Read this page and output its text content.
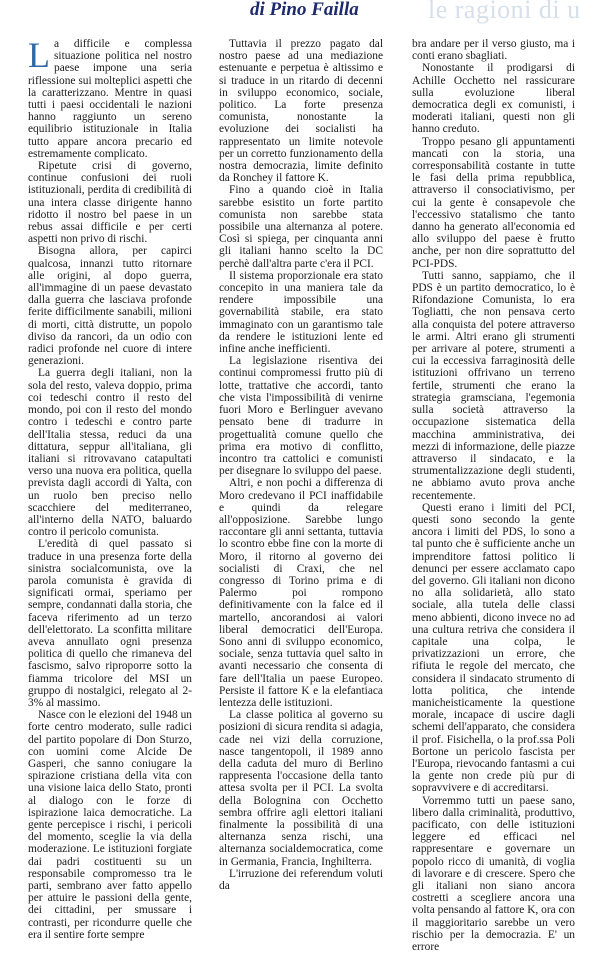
le ragioni di u
di Pino Failla

La difficile e complessa situazione politica nel nostro paese impone una seria riflessione sui molteplici aspetti che la caratterizzano. Mentre in quasi tutti i paesi occidentali le nazioni hanno raggiunto un sereno equilibrio istituzionale in Italia tutto appare ancora precario ed estremamente complicato.

Ripetute crisi di governo, continue confusioni dei ruoli istituzionali, perdita di credibilità di una intera classe dirigente hanno ridotto il nostro bel paese in un rebus assai difficile e per certi aspetti non privo di rischi.

Bisogna allora, per capirci qualcosa, innanzi tutto ritornare alle origini, al dopo guerra, all'immagine di un paese devastato dalla guerra che lasciava profonde ferite difficilmente sanabili, milioni di morti, città distrutte, un popolo diviso da rancori, da un odio con radici profonde nel cuore di intere generazioni.

La guerra degli italiani, non la sola del resto, valeva doppio, prima coi tedeschi contro il resto del mondo, poi con il resto del mondo contro i tedeschi e contro parte dell'Italia stessa, reduci da una dittatura, seppur all'italiana, gli italiani si ritrovavano catapultati verso una nuova era politica, quella prevista dagli accordi di Yalta, con un ruolo ben preciso nello scacchiere del mediterraneo, all'interno della NATO, baluardo contro il pericolo comunista.

L'eredità di quel passato si traduce in una presenza forte della sinistra socialcomunista, ove la parola comunista è gravida di significati ormai, speriamo per sempre, condannati dalla storia, che faceva riferimento ad un terzo dell'elettorato. La sconfitta militare aveva annullato ogni presenza politica di quello che rimaneva del fascismo, salvo riproporre sotto la fiamma tricolore del MSI un gruppo di nostalgici, relegato al 2-3% al massimo.

Nasce con le elezioni del 1948 un forte centro moderato, sulle radici del partito popolare di Don Sturzo, con uomini come Alcide De Gasperi, che sanno coniugare la spirazione cristiana della vita con una visione laica dello Stato, pronti al dialogo con le forze di ispirazione laica democratiche. La gente percepisce i rischi, i pericoli del momento, sceglie la via della moderazione. Le istituzioni forgiate dai padri costituenti su un responsabile compromesso tra le parti, sembrano aver fatto appello per attuire le passioni della gente, dei cittadini, per smussare i contrasti, per ricondurre quelle che era il sentire forte sempre

Tuttavia il prezzo pagato dal nostro paese ad una mediazione estenuante e perpetua è altissimo e si traduce in un ritardo di decenni in sviluppo economico, sociale, politico. La forte presenza comunista, nonostante la evoluzione dei socialisti ha rappresentato un limite notevole per un corretto funzionamento della nostra democrazia, limite definito da Ronchey il fattore K.

Fino a quando cioè in Italia sarebbe esistito un forte partito comunista non sarebbe stata possibile una alternanza al potere. Così si spiega, per cinquanta anni gli italiani hanno scelto la DC perchè dall'altra parte c'era il PCI.

Il sistema proporzionale era stato concepito in una maniera tale da rendere impossibile una governabilità stabile, era stato immaginato con un garantismo tale da rendere le istituzioni lente ed infine anche inefficienti.

La legislazione risentiva dei continui compromessi frutto più di lotte, trattative che accordi, tanto che vista l'impossibilità di venirne fuori Moro e Berlinguer avevano pensato bene di tradurre in progettualità comune quello che prima era motivo di conflitto, incontro tra cattolici e comunisti per disegnare lo sviluppo del paese.

Altri, e non pochi a differenza di Moro credevano il PCI inaffidabile e quindi da relegare all'opposizione. Sarebbe lungo raccontare gli anni settanta, tuttavia lo scontro ebbe fine con la morte di Moro, il ritorno al governo dei socialisti di Craxi, che nel congresso di Torino prima e di Palermo poi rompono definitivamente con la falce ed il martello, ancorandosi ai valori liberal democratici dell'Europa. Sono anni di sviluppo economico, sociale, senza tuttavia quel salto in avanti necessario che consenta di fare dell'Italia un paese Europeo. Persiste il fattore K e la elefantiaca lentezza delle istituzioni.

La classe politica al governo su posizioni di sicura rendita si adagia, cade nei vizi della corruzione, nasce tangentopoli, il 1989 anno della caduta del muro di Berlino rappresenta l'occasione della tanto attesa svolta per il PCI. La svolta della Bolognina con Occhetto sembra offrire agli elettori italiani finalmente la possibilità di una alternanza senza rischi, una alternanza socialdemocratica, come in Germania, Francia, Inghilterra.

L'irruzione dei referendum voluti da

bra andare per il verso giusto, ma i conti erano sbagliati.

Nonostante il prodigarsi di Achille Occhetto nel rassicurare sulla evoluzione liberal democratica degli ex comunisti, i moderati italiani, questi non gli hanno creduto.

Troppo pesano gli appuntamenti mancati con la storia, una corresponsabilità costante in tutte le fasi della prima repubblica, attraverso il consociativismo, per cui la gente è consapevole che l'eccessivo statalismo che tanto danno ha generato all'economia ed allo sviluppo del paese è frutto anche, per non dire soprattutto del PCI-PDS.

Tutti sanno, sappiamo, che il PDS è un partito democratico, lo è Rifondazione Comunista, lo era Togliatti, che non pensava certo alla conquista del potere attraverso le armi. Altri erano gli strumenti per arrivare al potere, strumenti a cui la eccessiva farraginosità delle istituzioni offrivano un terreno fertile, strumenti che erano la strategia gramsciana, l'egemonia sulla società attraverso la occupazione sistematica della macchina amministrativa, dei mezzi di informazione, delle piazze attraverso il sindacato, e la strumentalizzazione degli studenti, ne abbiamo avuto prova anche recentemente.

Questi erano i limiti del PCI, questi sono secondo la gente ancora i limiti del PDS, lo sono a tal punto che è sufficiente anche un imprenditore fattosi politico li denunci per essere acclamato capo del governo. Gli italiani non dicono no alla solidarietà, allo stato sociale, alla tutela delle classi meno abbienti, dicono invece no ad una cultura retriva che considera il capitale una colpa, le privatizzazioni un errore, che rifiuta le regole del mercato, che considera il sindacato strumento di lotta politica, che intende manicheisticamente la questione morale, incapace di uscire dagli schemi dell'apparato, che considera il prof. Fisichella, o la prof.ssa Poli Bortone un pericolo fascista per l'Europa, rievocando fantasmi a cui la gente non crede più pur di sopravvivere e di accreditarsi.

Vorremmo tutti un paese sano, libero dalla criminalità, produttivo, pacificato, con delle istituzioni leggere ed efficaci nel rappresentare e governare un popolo ricco di umanità, di voglia di lavorare e di crescere. Spero che gli italiani non siano ancora costretti a scegliere ancora una volta pensando al fattore K, ora con il maggioritario sarebbe un vero rischio per la democrazia. E' un errore
